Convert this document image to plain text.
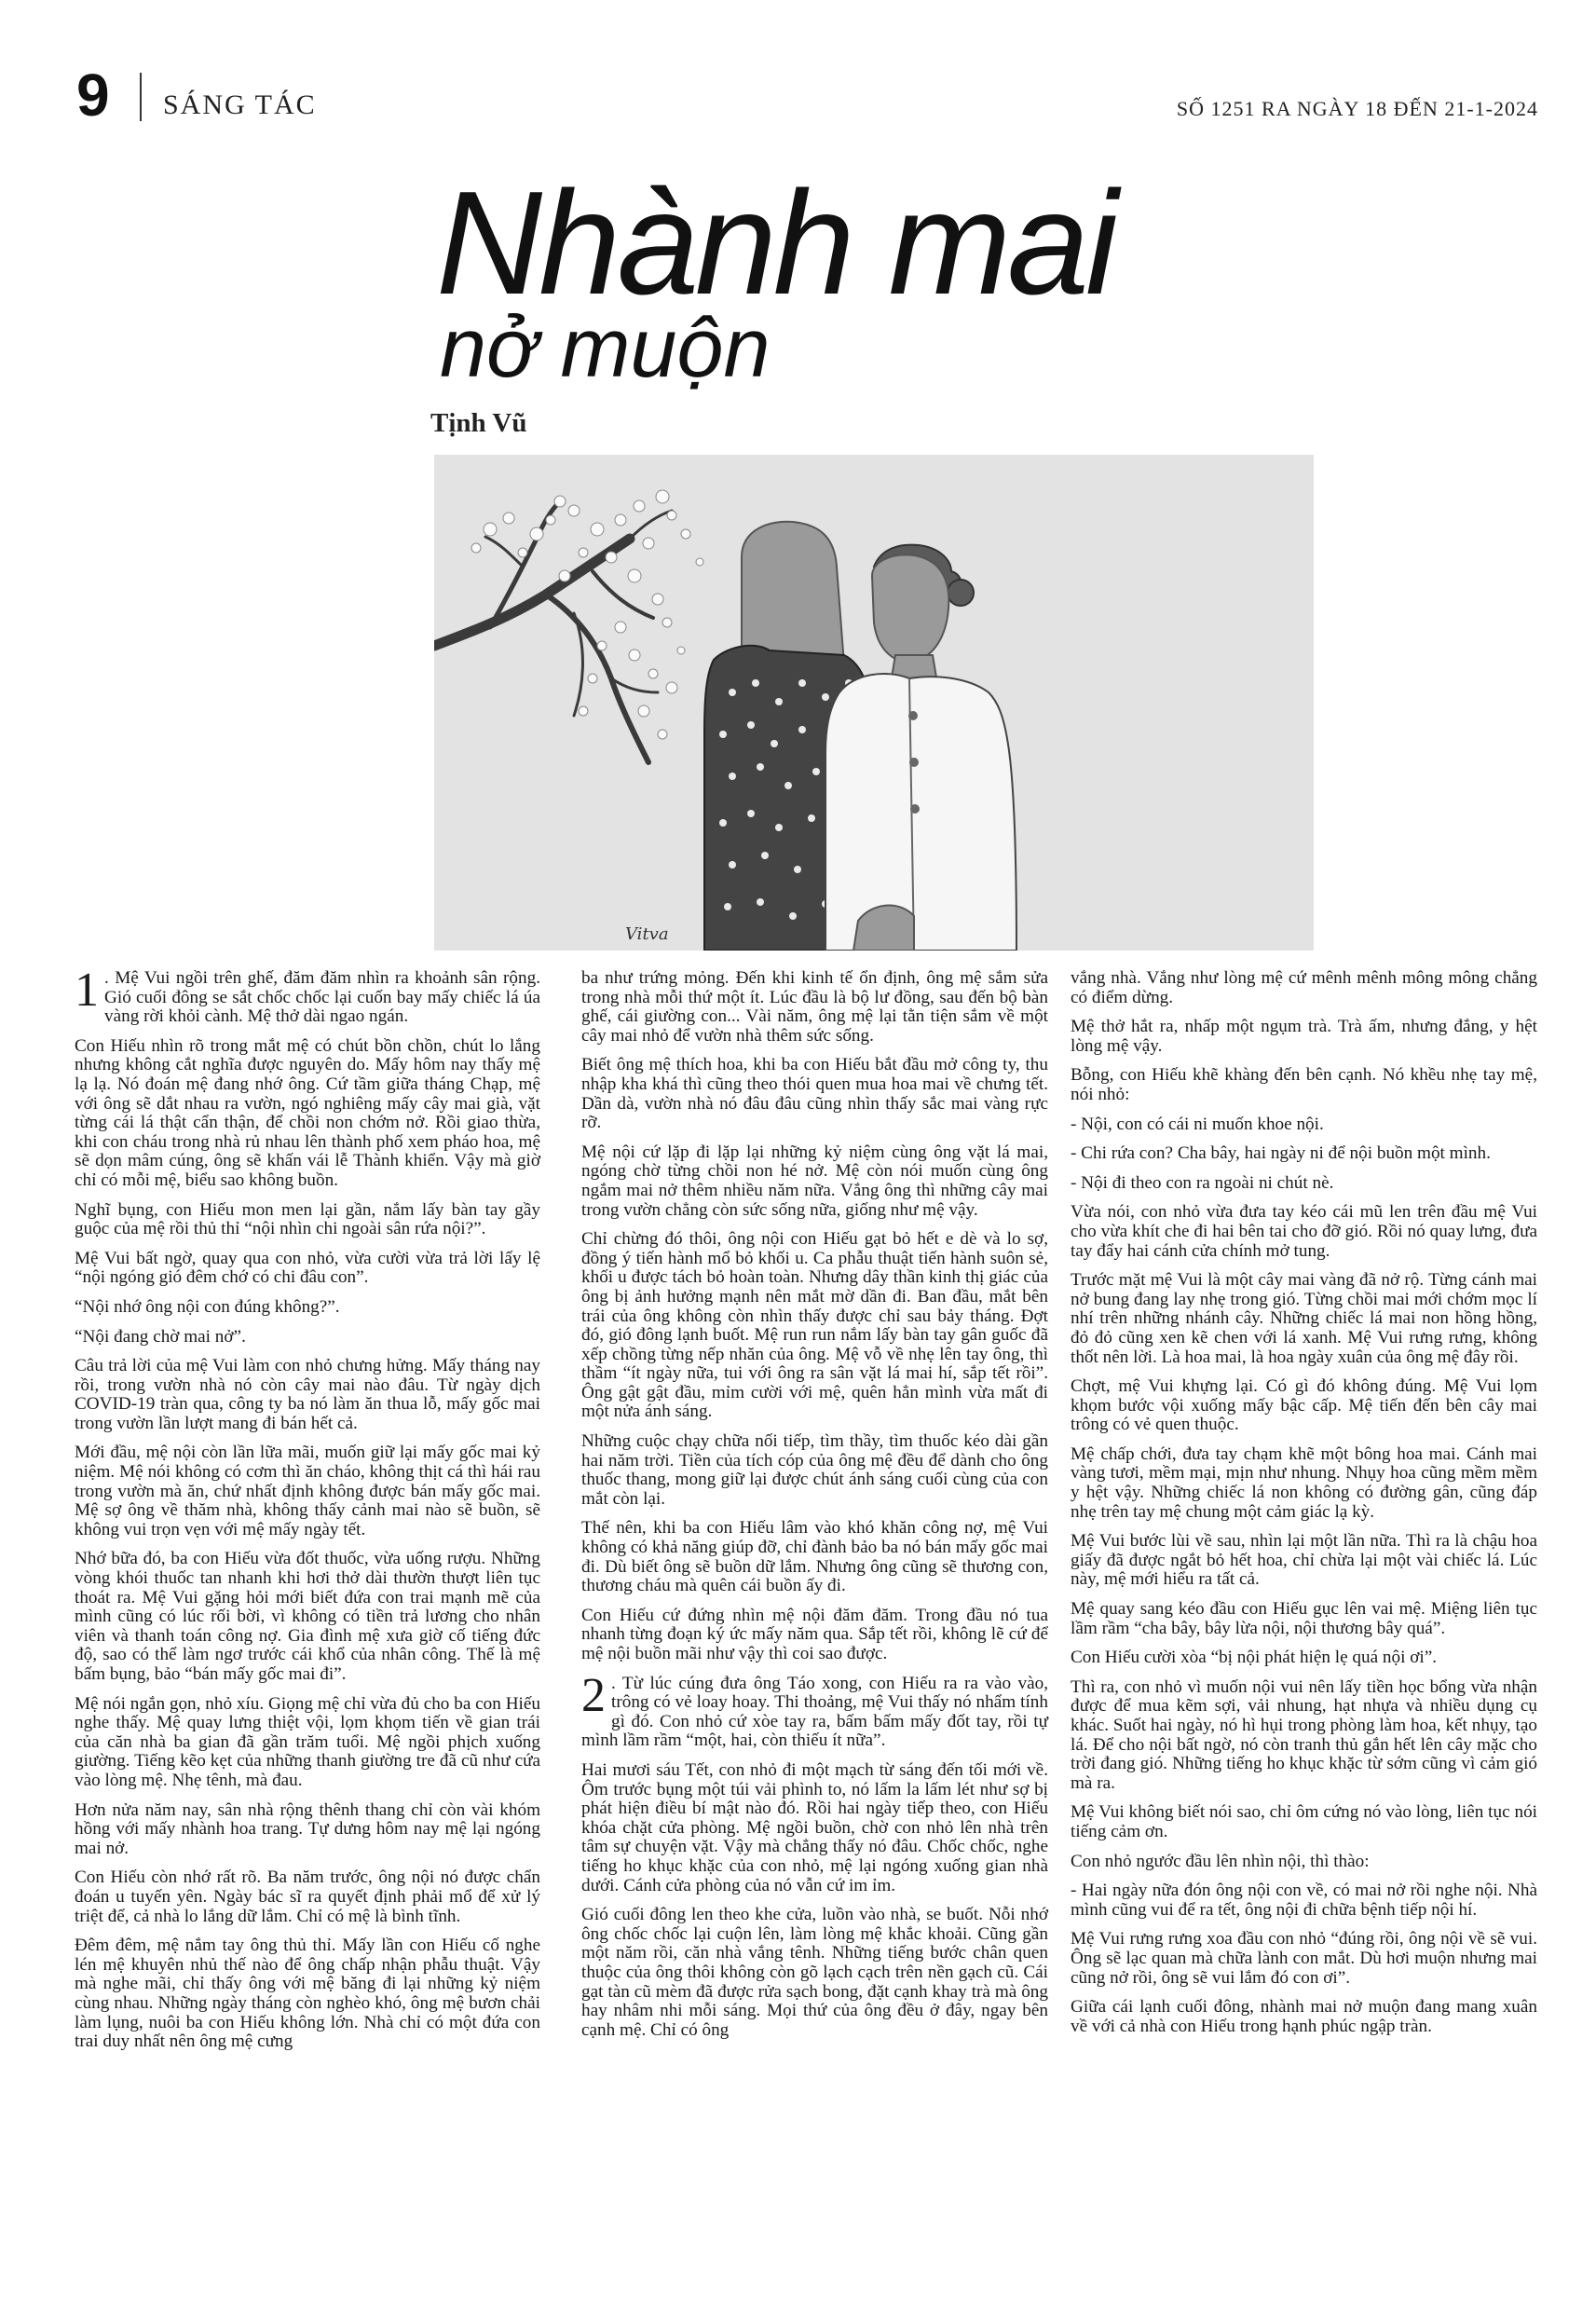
9 SÁNG TÁC	SỐ 1251 RA NGÀY 18 ĐẾN 21-1-2024
Nhành mai
nở muộn
Tịnh Vũ
Vitva

1 . Mệ Vui ngồi trên ghế, đăm đăm nhìn ra khoảnh sân rộng. Gió cuối đông se sắt chốc chốc lại cuốn bay mấy chiếc lá úa vàng rời khỏi cành. Mệ thở dài ngao ngán.

Con Hiếu nhìn rõ trong mắt mệ có chút bồn chồn, chút lo lắng nhưng không cắt nghĩa được nguyên do. Mấy hôm nay thấy mệ lạ lạ. Nó đoán mệ đang nhớ ông. Cứ tầm giữa tháng Chạp, mệ với ông sẽ dắt nhau ra vườn, ngó nghiêng mấy cây mai già, vặt từng cái lá thật cẩn thận, để chồi non chớm nở. Rồi giao thừa, khi con cháu trong nhà rủ nhau lên thành phố xem pháo hoa, mệ sẽ dọn mâm cúng, ông sẽ khấn vái lễ Thành khiển. Vậy mà giờ chỉ có mỗi mệ, biểu sao không buồn.

Nghĩ bụng, con Hiếu mon men lại gần, nắm lấy bàn tay gầy guộc của mệ rồi thủ thỉ “nội nhìn chi ngoài sân rứa nội?”.

Mệ Vui bất ngờ, quay qua con nhỏ, vừa cười vừa trả lời lấy lệ “nội ngóng gió đêm chớ có chi đâu con”.

“Nội nhớ ông nội con đúng không?”.

“Nội đang chờ mai nở”.

Câu trả lời của mệ Vui làm con nhỏ chưng hửng. Mấy tháng nay rồi, trong vườn nhà nó còn cây mai nào đâu. Từ ngày dịch COVID-19 tràn qua, công ty ba nó làm ăn thua lỗ, mấy gốc mai trong vườn lần lượt mang đi bán hết cả.

Mới đầu, mệ nội còn lần lữa mãi, muốn giữ lại mấy gốc mai kỷ niệm. Mệ nói không có cơm thì ăn cháo, không thịt cá thì hái rau trong vườn mà ăn, chứ nhất định không được bán mấy gốc mai. Mệ sợ ông về thăm nhà, không thấy cảnh mai nào sẽ buồn, sẽ không vui trọn vẹn với mệ mấy ngày tết.

Nhớ bữa đó, ba con Hiếu vừa đốt thuốc, vừa uống rượu. Những vòng khói thuốc tan nhanh khi hơi thở dài thườn thượt liên tục thoát ra. Mệ Vui gặng hỏi mới biết đứa con trai mạnh mẽ của mình cũng có lúc rối bời, vì không có tiền trả lương cho nhân viên và thanh toán công nợ. Gia đình mệ xưa giờ cố tiếng đức độ, sao có thể làm ngơ trước cái khổ của nhân công. Thế là mệ bấm bụng, bảo “bán mấy gốc mai đi”.

Mệ nói ngắn gọn, nhỏ xíu. Giọng mệ chỉ vừa đủ cho ba con Hiếu nghe thấy. Mệ quay lưng thiệt vội, lọm khọm tiến về gian trái của căn nhà ba gian đã gần trăm tuổi. Mệ ngồi phịch xuống giường. Tiếng kẽo kẹt của những thanh giường tre đã cũ như cứa vào lòng mệ. Nhẹ tênh, mà đau.

Hơn nửa năm nay, sân nhà rộng thênh thang chỉ còn vài khóm hồng với mấy nhành hoa trang. Tự dưng hôm nay mệ lại ngóng mai nở.

Con Hiếu còn nhớ rất rõ. Ba năm trước, ông nội nó được chẩn đoán u tuyến yên. Ngày bác sĩ ra quyết định phải mổ để xử lý triệt để, cả nhà lo lắng dữ lắm. Chỉ có mệ là bình tĩnh.

Đêm đêm, mệ nắm tay ông thủ thỉ. Mấy lần con Hiếu cố nghe lén mệ khuyên nhủ thế nào để ông chấp nhận phẫu thuật. Vậy mà nghe mãi, chỉ thấy ông với mệ băng đi lại những kỷ niệm cùng nhau. Những ngày tháng còn nghèo khó, ông mệ bươn chải làm lụng, nuôi ba con Hiếu không lớn. Nhà chỉ có một đứa con trai duy nhất nên ông mệ cưng

ba như trứng mỏng. Đến khi kinh tế ổn định, ông mệ sắm sửa trong nhà mỗi thứ một ít. Lúc đầu là bộ lư đồng, sau đến bộ bàn ghế, cái giường con... Vài năm, ông mệ lại tằn tiện sắm về một cây mai nhỏ để vườn nhà thêm sức sống.

Biết ông mệ thích hoa, khi ba con Hiếu bắt đầu mở công ty, thu nhập kha khá thì cũng theo thói quen mua hoa mai về chưng tết. Dần dà, vườn nhà nó đâu đâu cũng nhìn thấy sắc mai vàng rực rỡ.

Mệ nội cứ lặp đi lặp lại những kỷ niệm cùng ông vặt lá mai, ngóng chờ từng chồi non hé nở. Mệ còn nói muốn cùng ông ngắm mai nở thêm nhiều năm nữa. Vắng ông thì những cây mai trong vườn chẳng còn sức sống nữa, giống như mệ vậy.

Chỉ chừng đó thôi, ông nội con Hiếu gạt bỏ hết e dè và lo sợ, đồng ý tiến hành mổ bỏ khối u. Ca phẫu thuật tiến hành suôn sẻ, khối u được tách bỏ hoàn toàn. Nhưng dây thần kinh thị giác của ông bị ảnh hưởng mạnh nên mắt mờ dần đi. Ban đầu, mắt bên trái của ông không còn nhìn thấy được chỉ sau bảy tháng. Đợt đó, gió đông lạnh buốt. Mệ run run nắm lấy bàn tay gân guốc đã xếp chồng từng nếp nhăn của ông. Mệ vỗ về nhẹ lên tay ông, thì thầm “ít ngày nữa, tui với ông ra sân vặt lá mai hí, sắp tết rồi”. Ông gật gật đầu, mỉm cười với mệ, quên hẳn mình vừa mất đi một nửa ánh sáng.

Những cuộc chạy chữa nối tiếp, tìm thầy, tìm thuốc kéo dài gần hai năm trời. Tiền của tích cóp của ông mệ đều để dành cho ông thuốc thang, mong giữ lại được chút ánh sáng cuối cùng của con mắt còn lại.

Thế nên, khi ba con Hiếu lâm vào khó khăn công nợ, mệ Vui không có khả năng giúp đỡ, chỉ đành bảo ba nó bán mấy gốc mai đi. Dù biết ông sẽ buồn dữ lắm. Nhưng ông cũng sẽ thương con, thương cháu mà quên cái buồn ấy đi.

Con Hiếu cứ đứng nhìn mệ nội đăm đăm. Trong đầu nó tua nhanh từng đoạn ký ức mấy năm qua. Sắp tết rồi, không lẽ cứ để mệ nội buồn mãi như vậy thì coi sao được.

2 . Từ lúc cúng đưa ông Táo xong, con Hiếu ra ra vào vào, trông có vẻ loay hoay. Thi thoảng, mệ Vui thấy nó nhẩm tính gì đó. Con nhỏ cứ xòe tay ra, bấm bấm mấy đốt tay, rồi tự mình lầm rầm “một, hai, còn thiếu ít nữa”.

Hai mươi sáu Tết, con nhỏ đi một mạch từ sáng đến tối mới về. Ôm trước bụng một túi vải phình to, nó lấm la lấm lét như sợ bị phát hiện điều bí mật nào đó. Rồi hai ngày tiếp theo, con Hiếu khóa chặt cửa phòng. Mệ ngồi buồn, chờ con nhỏ lên nhà trên tâm sự chuyện vặt. Vậy mà chẳng thấy nó đâu. Chốc chốc, nghe tiếng ho khục khặc của con nhỏ, mệ lại ngóng xuống gian nhà dưới. Cánh cửa phòng của nó vẫn cứ im ỉm.

Gió cuối đông len theo khe cửa, luồn vào nhà, se buốt. Nỗi nhớ ông chốc chốc lại cuộn lên, làm lòng mệ khắc khoải. Cũng gần một năm rồi, căn nhà vắng tênh. Những tiếng bước chân quen thuộc của ông thôi không còn gõ lạch cạch trên nền gạch cũ. Cái gạt tàn cũ mèm đã được rửa sạch bong, đặt cạnh khay trà mà ông hay nhâm nhi mỗi sáng. Mọi thứ của ông đều ở đây, ngay bên cạnh mệ. Chỉ có ông

vắng nhà. Vắng như lòng mệ cứ mênh mênh mông mông chẳng có điểm dừng.

Mệ thở hắt ra, nhấp một ngụm trà. Trà ấm, nhưng đắng, y hệt lòng mệ vậy.

Bỗng, con Hiếu khẽ khàng đến bên cạnh. Nó khều nhẹ tay mệ, nói nhỏ:

- Nội, con có cái ni muốn khoe nội.

- Chi rứa con? Cha bây, hai ngày ni để nội buồn một mình.

- Nội đi theo con ra ngoài ni chút nè.

Vừa nói, con nhỏ vừa đưa tay kéo cái mũ len trên đầu mệ Vui cho vừa khít che đi hai bên tai cho đỡ gió. Rồi nó quay lưng, đưa tay đẩy hai cánh cửa chính mở tung.

Trước mặt mệ Vui là một cây mai vàng đã nở rộ. Từng cánh mai nở bung đang lay nhẹ trong gió. Từng chồi mai mới chớm mọc lí nhí trên những nhánh cây. Những chiếc lá mai non hồng hồng, đỏ đỏ cũng xen kẽ chen với lá xanh. Mệ Vui rưng rưng, không thốt nên lời. Là hoa mai, là hoa ngày xuân của ông mệ đây rồi.

Chợt, mệ Vui khựng lại. Có gì đó không đúng. Mệ Vui lọm khọm bước vội xuống mấy bậc cấp. Mệ tiến đến bên cây mai trông có vẻ quen thuộc.

Mệ chấp chới, đưa tay chạm khẽ một bông hoa mai. Cánh mai vàng tươi, mềm mại, mịn như nhung. Nhụy hoa cũng mềm mềm y hệt vậy. Những chiếc lá non không có đường gân, cũng đáp nhẹ trên tay mệ chung một cảm giác lạ kỳ.

Mệ Vui bước lùi về sau, nhìn lại một lần nữa. Thì ra là chậu hoa giấy đã được ngắt bỏ hết hoa, chỉ chừa lại một vài chiếc lá. Lúc này, mệ mới hiểu ra tất cả.

Mệ quay sang kéo đầu con Hiếu gục lên vai mệ. Miệng liên tục lầm rầm “cha bây, bây lừa nội, nội thương bây quá”.

Con Hiếu cười xòa “bị nội phát hiện lẹ quá nội ơi”.

Thì ra, con nhỏ vì muốn nội vui nên lấy tiền học bổng vừa nhận được để mua kẽm sợi, vải nhung, hạt nhựa và nhiều dụng cụ khác. Suốt hai ngày, nó hì hụi trong phòng làm hoa, kết nhụy, tạo lá. Để cho nội bất ngờ, nó còn tranh thủ gắn hết lên cây mặc cho trời đang gió. Những tiếng ho khục khặc từ sớm cũng vì cảm gió mà ra.

Mệ Vui không biết nói sao, chỉ ôm cứng nó vào lòng, liên tục nói tiếng cảm ơn.

Con nhỏ ngước đầu lên nhìn nội, thì thào:

- Hai ngày nữa đón ông nội con về, có mai nở rồi nghe nội. Nhà mình cũng vui để ra tết, ông nội đi chữa bệnh tiếp nội hí.

Mệ Vui rưng rưng xoa đầu con nhỏ “đúng rồi, ông nội về sẽ vui. Ông sẽ lạc quan mà chữa lành con mắt. Dù hơi muộn nhưng mai cũng nở rồi, ông sẽ vui lắm đó con ơi”.

Giữa cái lạnh cuối đông, nhành mai nở muộn đang mang xuân về với cả nhà con Hiếu trong hạnh phúc ngập tràn.
